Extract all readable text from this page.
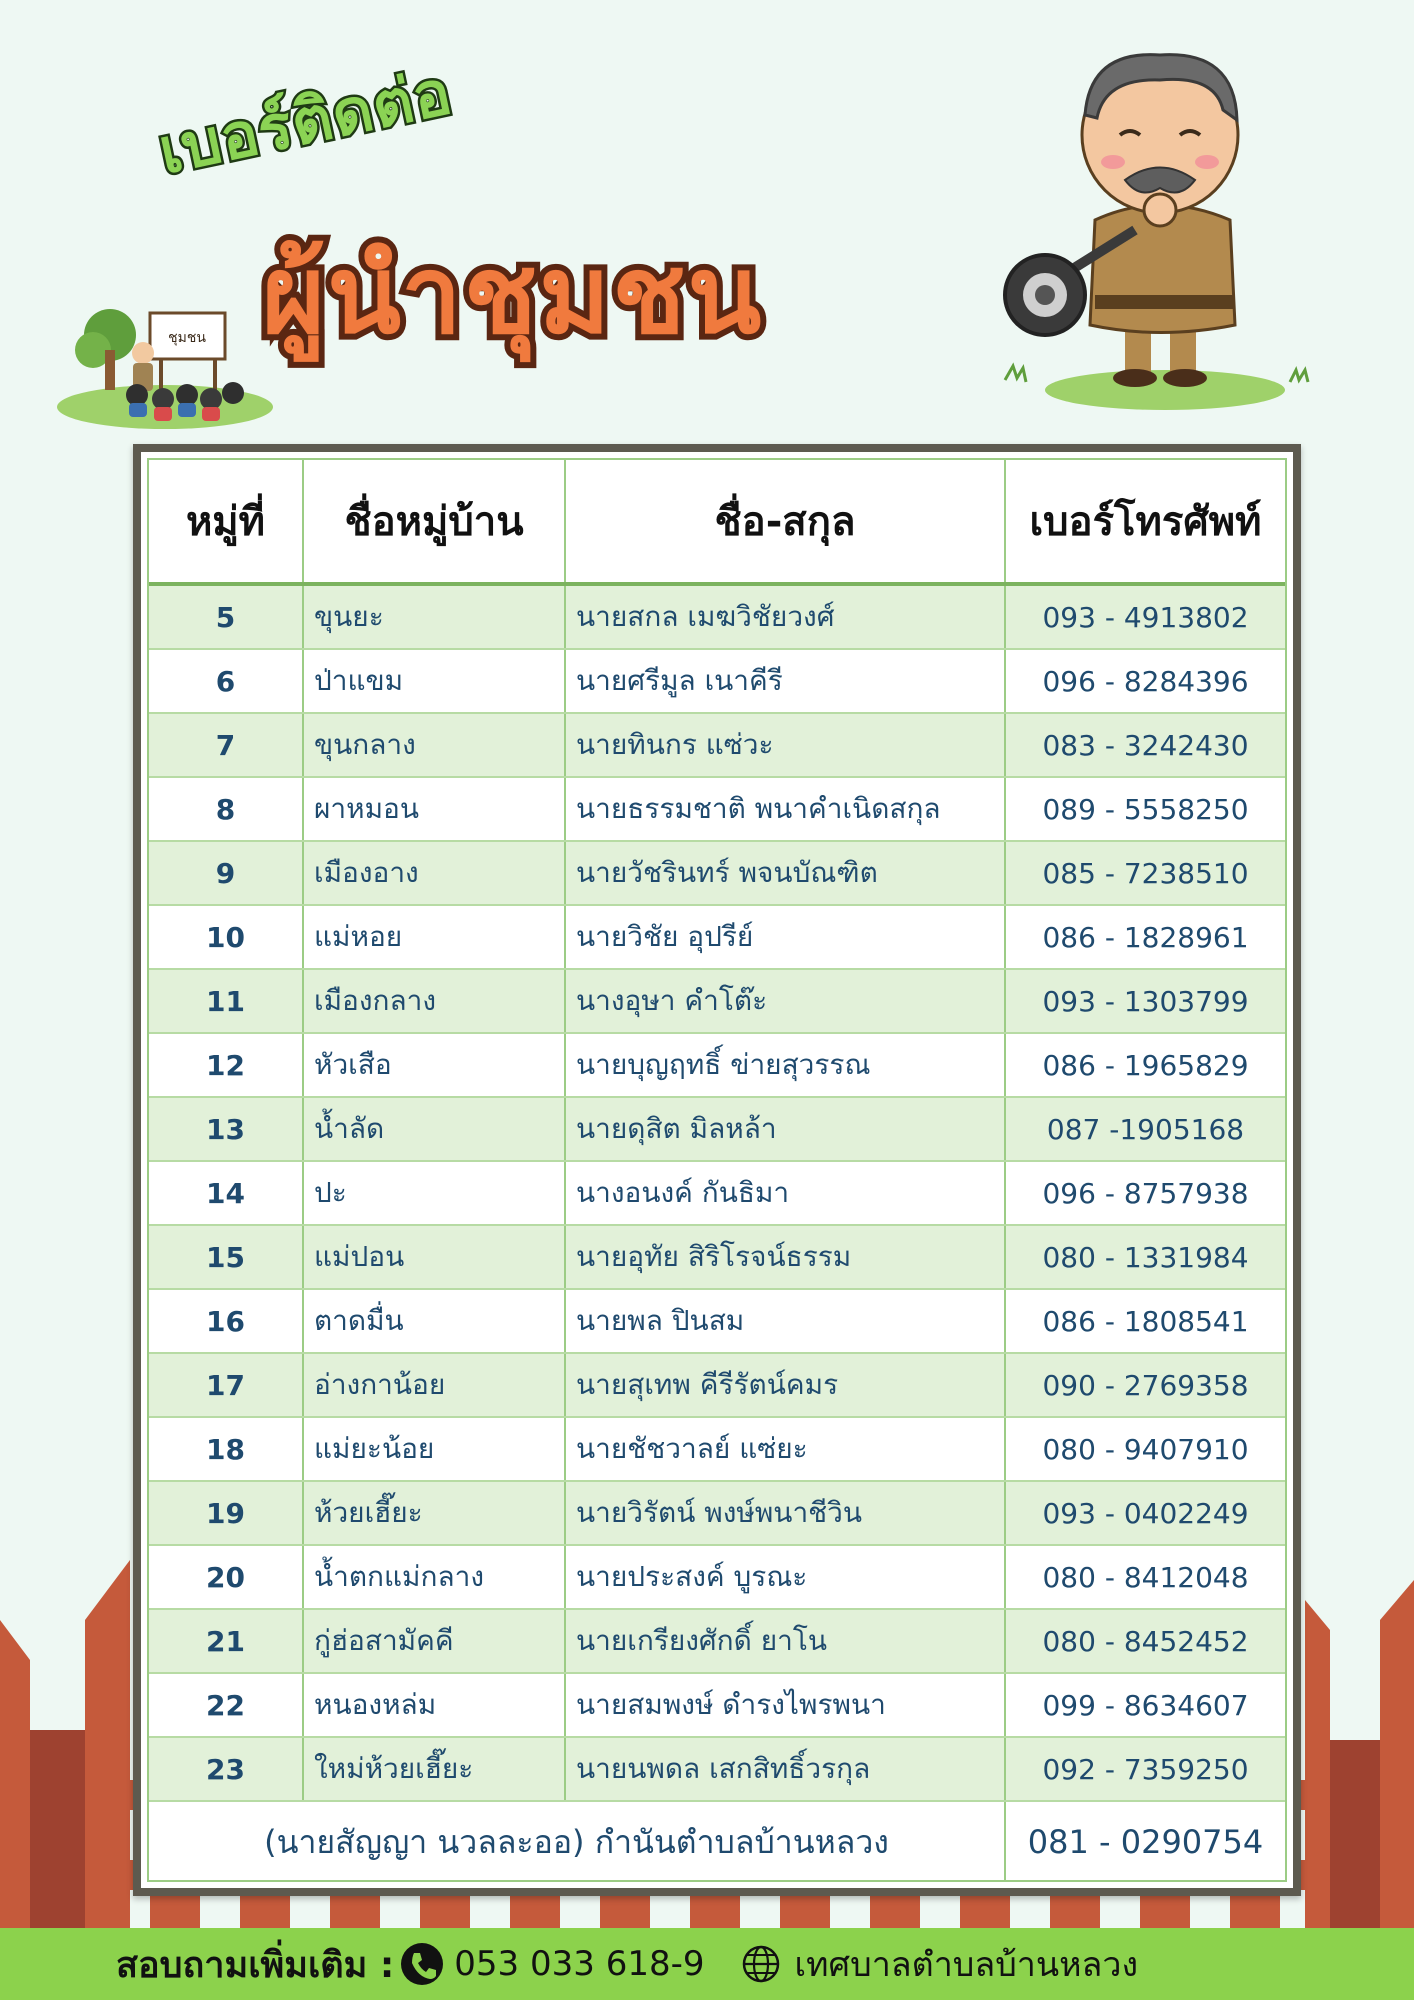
เบอร์ติดต่อ
ผู้นำชุมชน
ชุมชน
หมู่ที่	ชื่อหมู่บ้าน	ชื่อ-สกุล	เบอร์โทรศัพท์
5	ขุนยะ	นายสกล เมฆวิชัยวงศ์	093 - 4913802
6	ป่าแขม	นายศรีมูล เนาคีรี	096 - 8284396
7	ขุนกลาง	นายทินกร แซ่วะ	083 - 3242430
8	ผาหมอน	นายธรรมชาติ พนาคำเนิดสกุล	089 - 5558250
9	เมืองอาง	นายวัชรินทร์ พจนบัณฑิต	085 - 7238510
10	แม่หอย	นายวิชัย อุปรีย์	086 - 1828961
11	เมืองกลาง	นางอุษา คำโต๊ะ	093 - 1303799
12	หัวเสือ	นายบุญฤทธิ์ ข่ายสุวรรณ	086 - 1965829
13	น้ำลัด	นายดุสิต มิลหล้า	087 -1905168
14	ปะ	นางอนงค์ กันธิมา	096 - 8757938
15	แม่ปอน	นายอุทัย สิริโรจน์ธรรม	080 - 1331984
16	ตาดมื่น	นายพล ปินสม	086 - 1808541
17	อ่างกาน้อย	นายสุเทพ คีรีรัตน์คมร	090 - 2769358
18	แม่ยะน้อย	นายชัชวาลย์ แซ่ยะ	080 - 9407910
19	ห้วยเฮี๊ยะ	นายวิรัตน์ พงษ์พนาชีวิน	093 - 0402249
20	น้ำตกแม่กลาง	นายประสงค์ บูรณะ	080 - 8412048
21	กู่ฮ่อสามัคคี	นายเกรียงศักดิ์ ยาโน	080 - 8452452
22	หนองหล่ม	นายสมพงษ์ ดำรงไพรพนา	099 - 8634607
23	ใหม่ห้วยเฮี๊ยะ	นายนพดล เสกสิทธิ์วรกุล	092 - 7359250
(นายสัญญา นวลละออ) กำนันตำบลบ้านหลวง			081 - 0290754
สอบถามเพิ่มเติม : 053 033 618-9	เทศบาลตำบลบ้านหลวง
